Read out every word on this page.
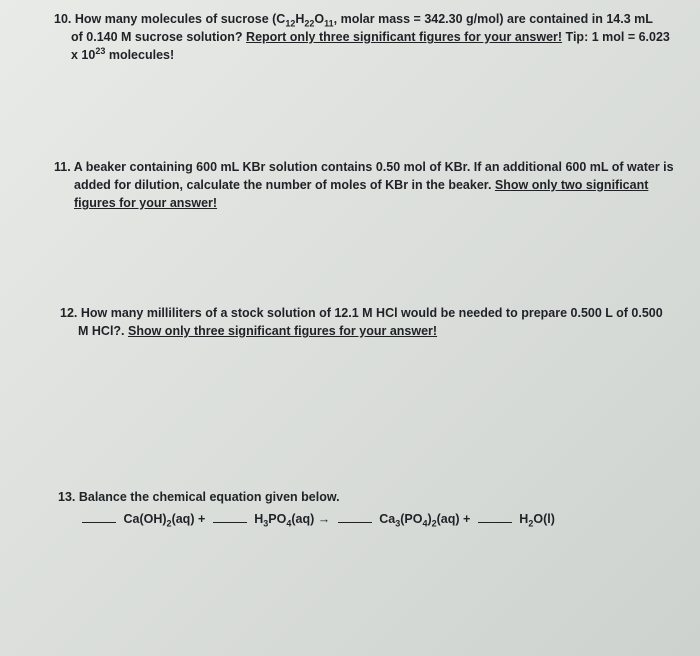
10. How many molecules of sucrose ($C_{12}H_{22}O_{11}$, molar mass = 342.30 g/mol) are contained in 14.3 mL
of 0.140 M sucrose solution? Report only three significant figures for your answer! Tip: 1 mol = 6.023
x $10^{23}$ molecules!
11. A beaker containing 600 mL KBr solution contains 0.50 mol of KBr. If an additional 600 mL of water is
added for dilution, calculate the number of moles of KBr in the beaker. Show only two significant
figures for your answer!
12. How many milliliters of a stock solution of 12.1 M HCl would be needed to prepare 0.500 L of 0.500
M HCl?. Show only three significant figures for your answer!
13. Balance the chemical equation given below.
$Ca(OH)_2(aq)$ +	$H_3PO_4(aq)$ →	$Ca_3(PO_4)_2(aq)$ +	$H_2O(l)$
